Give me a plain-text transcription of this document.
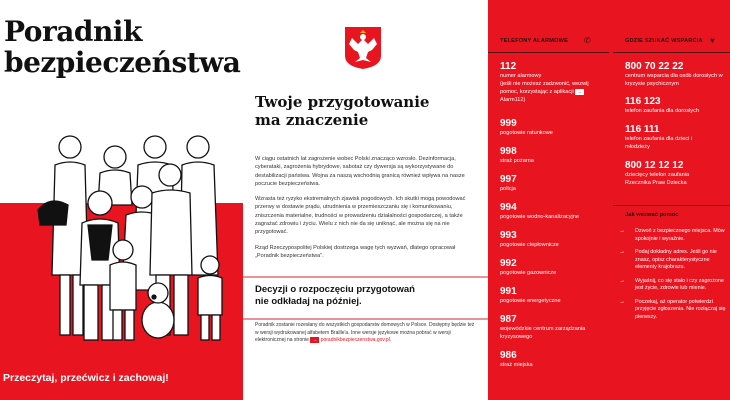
Poradnik
bezpieczeństwa
Przeczytaj, przećwicz i zachowaj!
Twoje przygotowanie
ma znaczenie

W ciągu ostatnich lat zagrożenie wobec Polski znacząco wzrosło. Dezinformacja, cyberataki, zagrożenia hybrydowe, sabotaż czy dywersja są wykorzystywane do destabilizacji państwa. Wojna za naszą wschodnią granicą również wpływa na nasze poczucie bezpieczeństwa.

Wzrasta też ryzyko ekstremalnych zjawisk pogodowych. Ich skutki mogą powodować przerwy w dostawie prądu, utrudnienia w przemieszczaniu się i komunikowaniu, zniszczenia materialne, trudności w prowadzeniu działalności gospodarczej, a także zagrażać zdrowiu i życiu. Wielu z nich nie da się uniknąć, ale można się na nie przygotować.

Rząd Rzeczypospolitej Polskiej dostrzega wagę tych wyzwań, dlatego opracował „Poradnik bezpieczeństwa”.

Decyzji o rozpoczęciu przygotowań
nie odkładaj na później.
Poradnik zostanie rozesłany do wszystkich gospodarstw domowych w Polsce. Dostępny będzie też w wersji wydrukowanej alfabetem Braille'a. Inne wersje językowe można pobrać w wersji elektronicznej na stronie → poradnikbezpieczenstwa.gov.pl.
TELEFONY ALARMOWE ✆
112
numer alarmowy
(jeśli nie możesz zadzwonić, wezwij pomoc, korzystając z aplikacji → Alarm112)
999
pogotowie ratunkowe
998
straż pożarna
997
policja
994
pogotowie wodno-kanalizacyjne
993
pogotowie ciepłownicze
992
pogotowie gazownicze
991
pogotowie energetyczne
987
wojewódzkie centrum zarządzania kryzysowego
986
straż miejska
GDZIE SZUKAĆ WSPARCIA ♥
800 70 22 22
centrum wsparcia dla osób dorosłych w kryzysie psychicznym
116 123
telefon zaufania dla dorosłych
116 111
telefon zaufania dla dzieci i młodzieży
800 12 12 12
dziecięcy telefon zaufania Rzecznika Praw Dziecka
Jak wezwać pomoc
→ Dzwoń z bezpiecznego miejsca. Mów spokojnie i wyraźnie.
→ Podaj dokładny adres. Jeśli go nie znasz, opisz charakterystyczne elementy krajobrazu.
→ Wyjaśnij, co się stało i czy zagrożone jest życie, zdrowie lub mienie.
→ Poczekaj, aż operator potwierdzi przyjęcie zgłoszenia. Nie rozłączaj się pierwszy.
